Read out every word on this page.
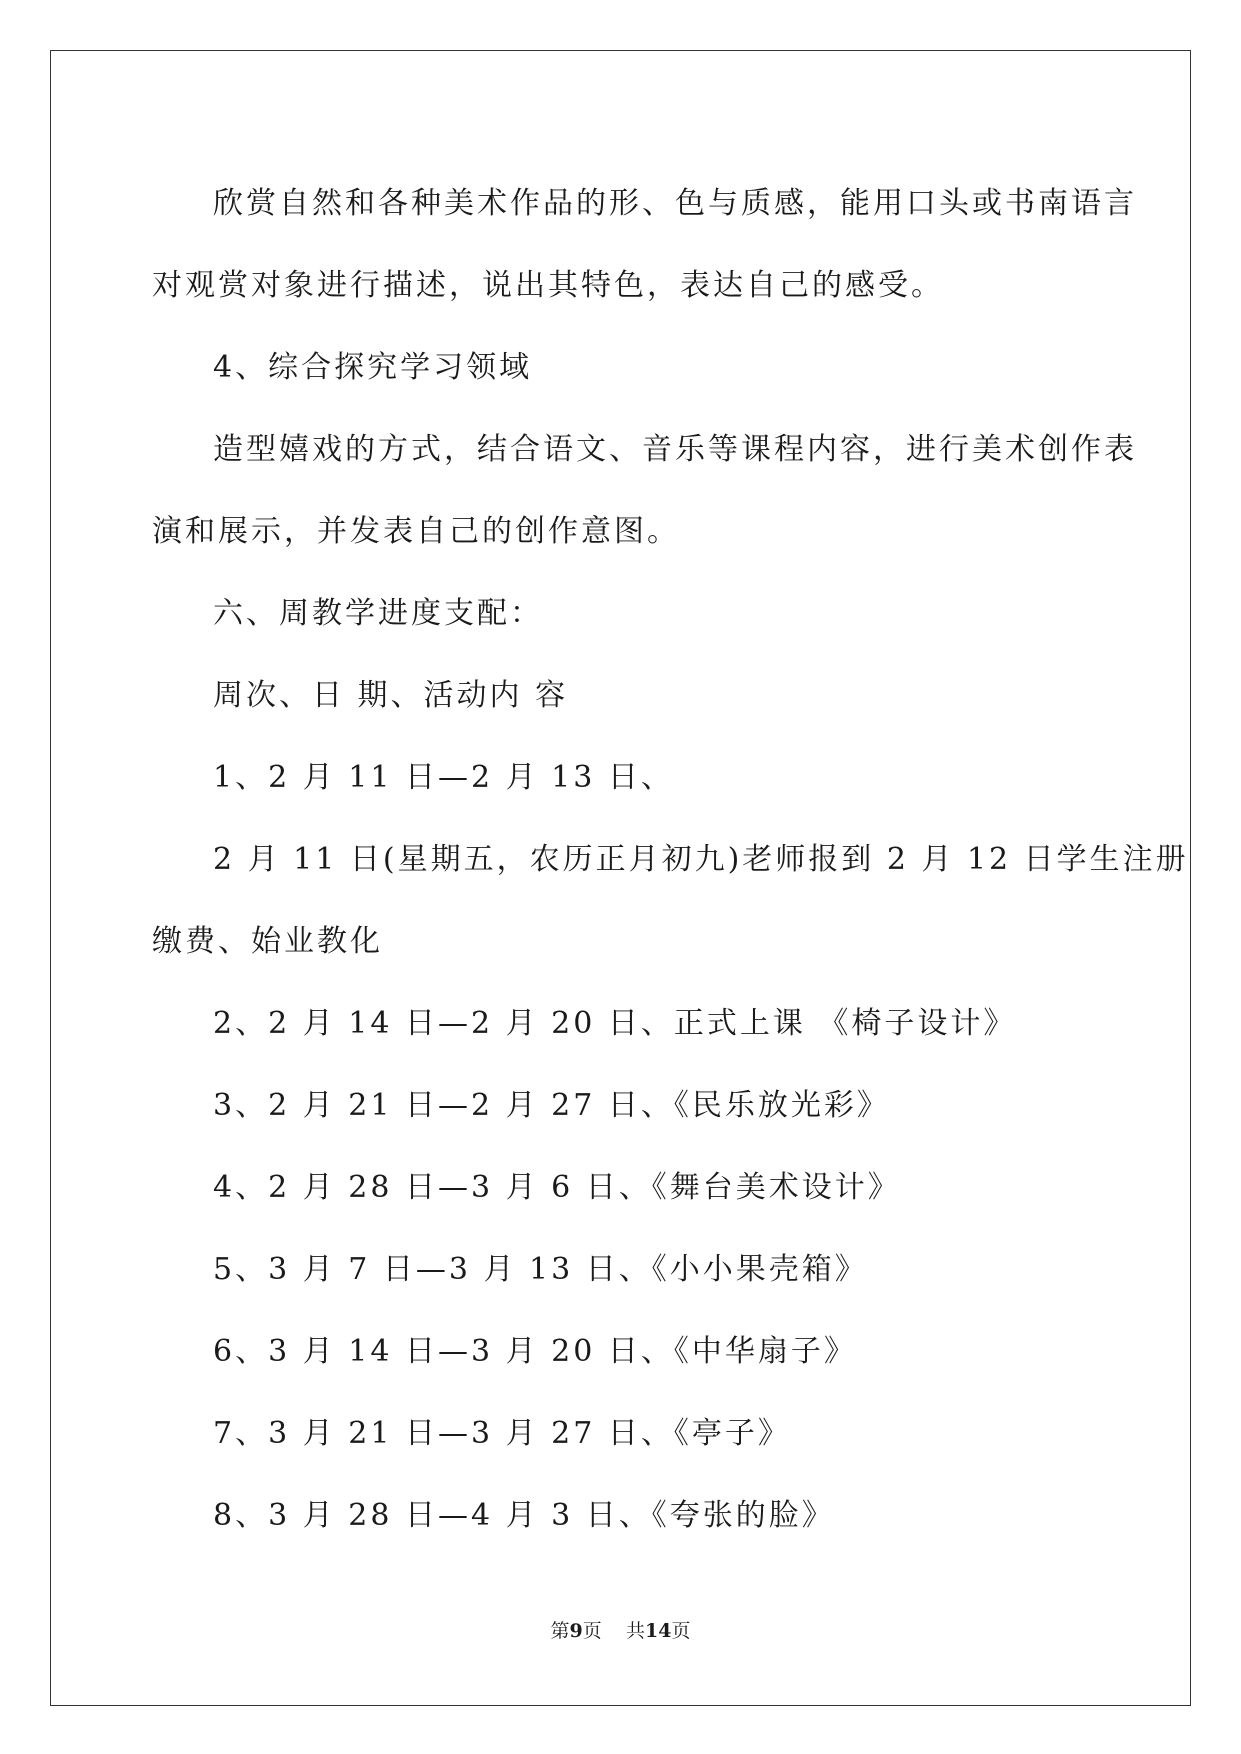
欣赏自然和各种美术作品的形、色与质感，能用口头或书南语言

对观赏对象进行描述，说出其特色，表达自己的感受。

4、综合探究学习领域

造型嬉戏的方式，结合语文、音乐等课程内容，进行美术创作表

演和展示，并发表自己的创作意图。

六、周教学进度支配：

周次、日 期、活动内 容

1、2 月 11 日—2 月 13 日、

2 月 11 日(星期五，农历正月初九)老师报到 2 月 12 日学生注册

缴费、始业教化

2、2 月 14 日—2 月 20 日、正式上课 《椅子设计》

3、2 月 21 日—2 月 27 日、《民乐放光彩》

4、2 月 28 日—3 月 6 日、《舞台美术设计》

5、3 月 7 日—3 月 13 日、《小小果壳箱》

6、3 月 14 日—3 月 20 日、《中华扇子》

7、3 月 21 日—3 月 27 日、《亭子》

8、3 月 28 日—4 月 3 日、《夸张的脸》

第9页 共14页
